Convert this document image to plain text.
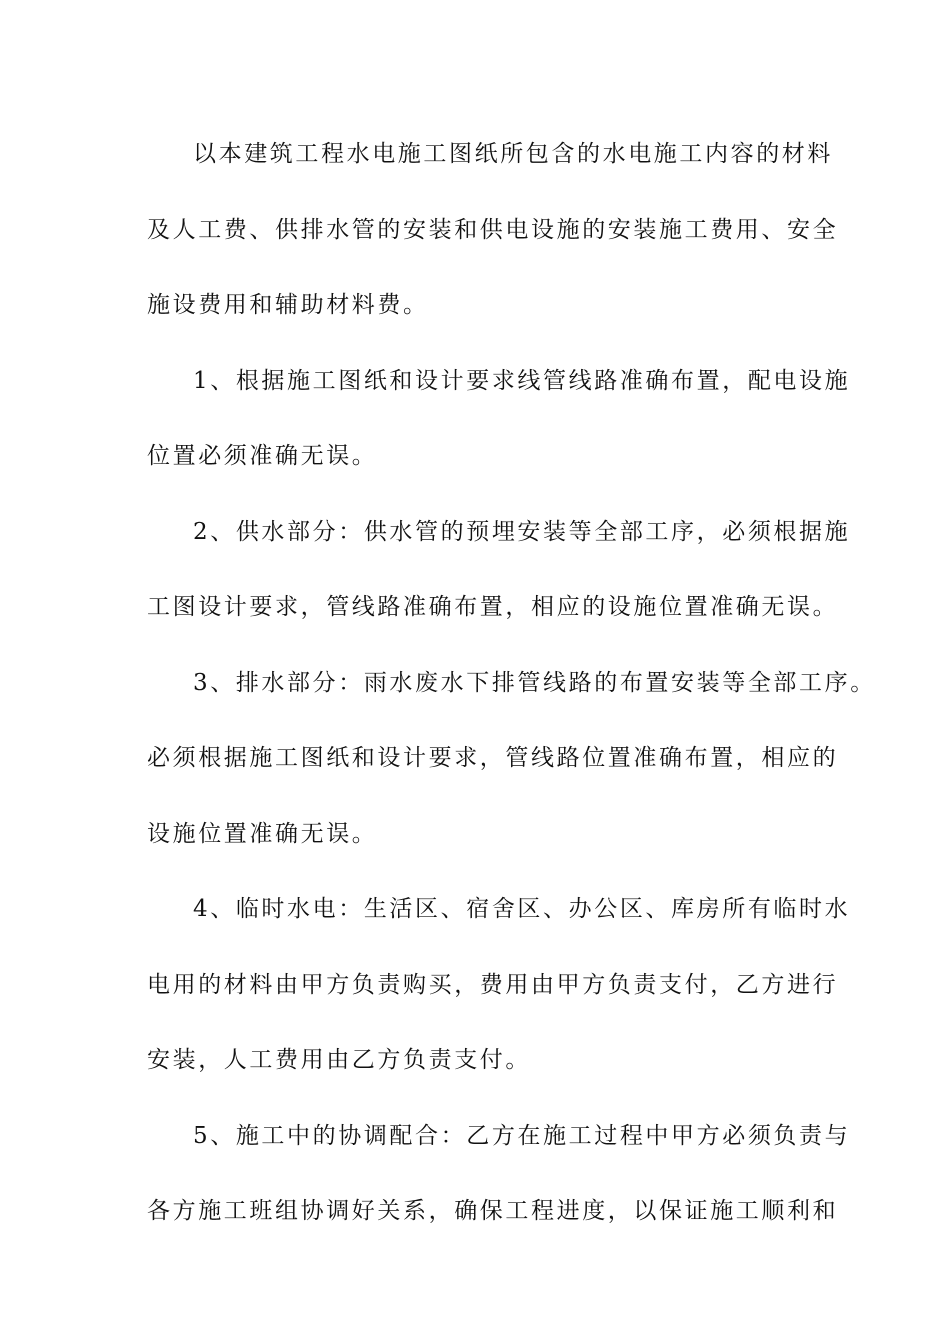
以本建筑工程水电施工图纸所包含的水电施工内容的材料
及人工费、供排水管的安装和供电设施的安装施工费用、安全
施设费用和辅助材料费。
1、根据施工图纸和设计要求线管线路准确布置，配电设施
位置必须准确无误。
2、供水部分：供水管的预埋安装等全部工序，必须根据施
工图设计要求，管线路准确布置，相应的设施位置准确无误。
3、排水部分：雨水废水下排管线路的布置安装等全部工序。
必须根据施工图纸和设计要求，管线路位置准确布置，相应的
设施位置准确无误。
4、临时水电：生活区、宿舍区、办公区、库房所有临时水
电用的材料由甲方负责购买，费用由甲方负责支付，乙方进行
安装，人工费用由乙方负责支付。
5、施工中的协调配合：乙方在施工过程中甲方必须负责与
各方施工班组协调好关系，确保工程进度，以保证施工顺利和
